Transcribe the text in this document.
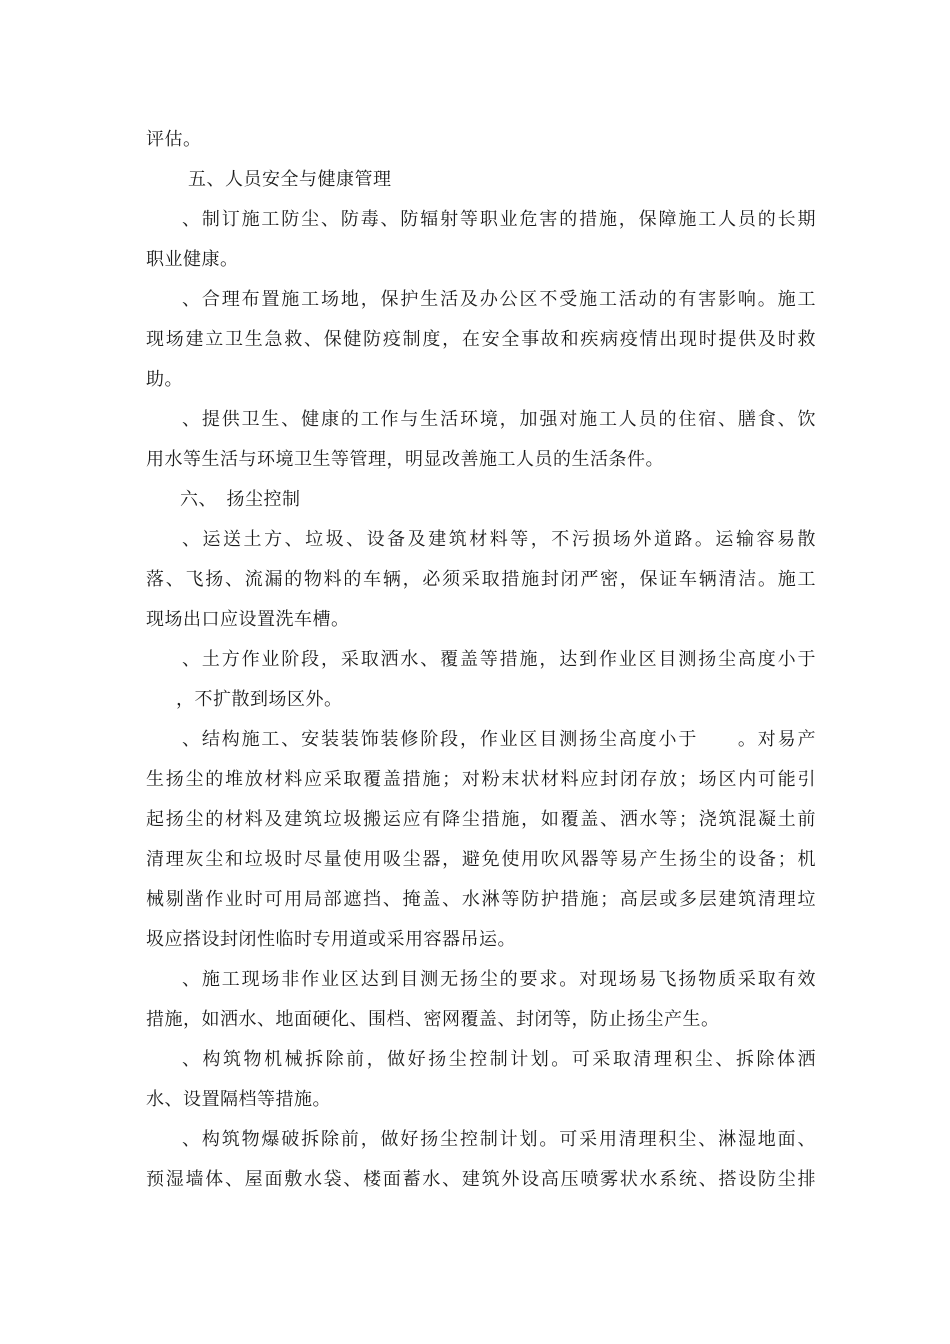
评估。
五、人员安全与健康管理
、制订施工防尘、防毒、防辐射等职业危害的措施，保障施工人员的长期
职业健康。
、合理布置施工场地，保护生活及办公区不受施工活动的有害影响。施工
现场建立卫生急救、保健防疫制度，在安全事故和疾病疫情出现时提供及时救
助。
、提供卫生、健康的工作与生活环境，加强对施工人员的住宿、膳食、饮
用水等生活与环境卫生等管理，明显改善施工人员的生活条件。
六、　扬尘控制
、运送土方、垃圾、设备及建筑材料等，不污损场外道路。运输容易散
落、飞扬、流漏的物料的车辆，必须采取措施封闭严密，保证车辆清洁。施工
现场出口应设置洗车槽。
、土方作业阶段，采取洒水、覆盖等措施，达到作业区目测扬尘高度小于
，不扩散到场区外。
、结构施工、安装装饰装修阶段，作业区目测扬尘高度小于　　。对易产
生扬尘的堆放材料应采取覆盖措施；对粉末状材料应封闭存放；场区内可能引
起扬尘的材料及建筑垃圾搬运应有降尘措施，如覆盖、洒水等；浇筑混凝土前
清理灰尘和垃圾时尽量使用吸尘器，避免使用吹风器等易产生扬尘的设备；机
械剔凿作业时可用局部遮挡、掩盖、水淋等防护措施；高层或多层建筑清理垃
圾应搭设封闭性临时专用道或采用容器吊运。
、施工现场非作业区达到目测无扬尘的要求。对现场易飞扬物质采取有效
措施，如洒水、地面硬化、围档、密网覆盖、封闭等，防止扬尘产生。
、构筑物机械拆除前，做好扬尘控制计划。可采取清理积尘、拆除体洒
水、设置隔档等措施。
、构筑物爆破拆除前，做好扬尘控制计划。可采用清理积尘、淋湿地面、
预湿墙体、屋面敷水袋、楼面蓄水、建筑外设高压喷雾状水系统、搭设防尘排
